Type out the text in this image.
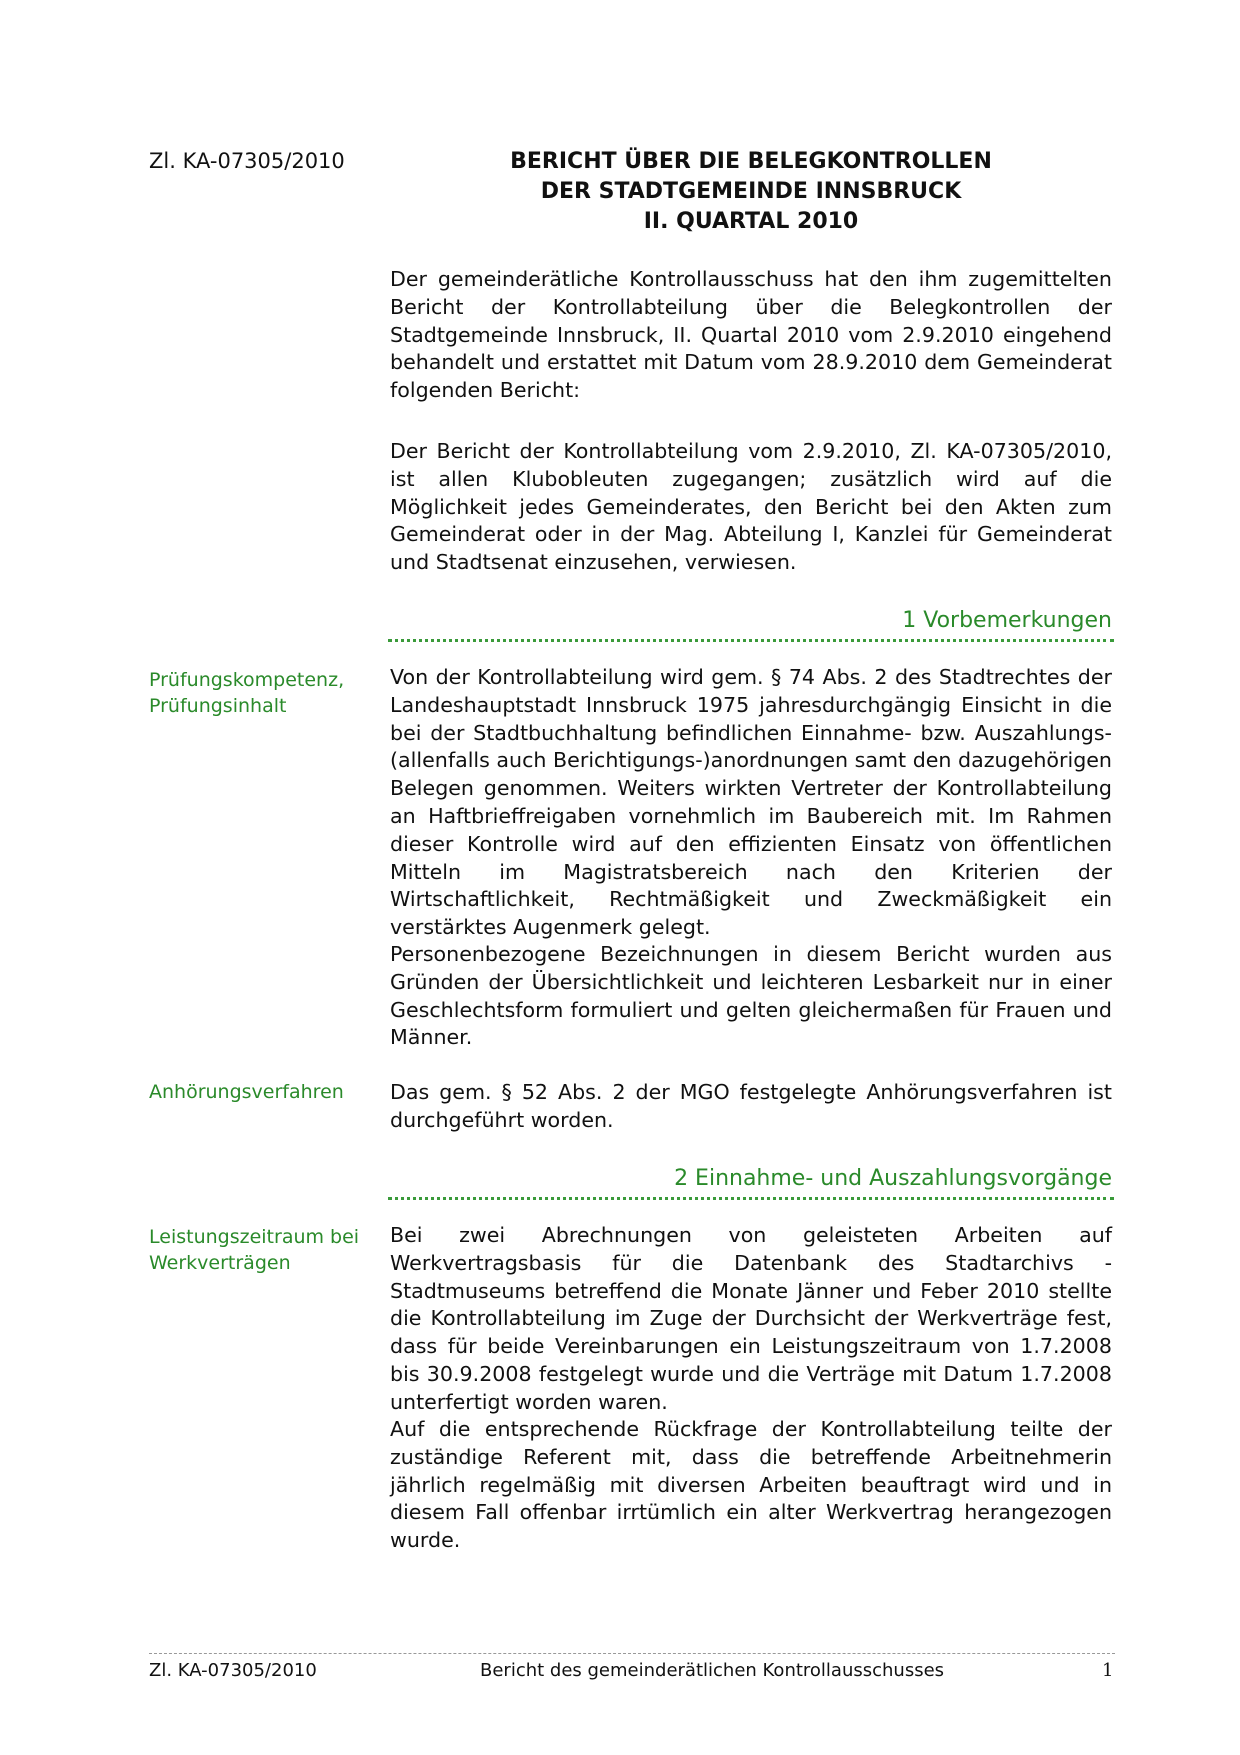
Zl. KA-07305/2010	BERICHT ÜBER DIE BELEGKONTROLLEN
DER STADTGEMEINDE INNSBRUCK
II. QUARTAL 2010

Der gemeinderätliche Kontrollausschuss hat den ihm zugemittelten Bericht der Kontrollabteilung über die Belegkontrollen der Stadtgemeinde Innsbruck, II. Quartal 2010 vom 2.9.2010 eingehend behandelt und erstattet mit Datum vom 28.9.2010 dem Gemeinderat folgenden Bericht:

Der Bericht der Kontrollabteilung vom 2.9.2010, Zl. KA-07305/2010, ist allen Klubobleuten zugegangen; zusätzlich wird auf die Möglichkeit jedes Gemeinderates, den Bericht bei den Akten zum Gemeinderat oder in der Mag. Abteilung I, Kanzlei für Gemeinderat und Stadtsenat einzusehen, verwiesen.

1 Vorbemerkungen
Prüfungskompetenz, Prüfungsinhalt

Von der Kontrollabteilung wird gem. § 74 Abs. 2 des Stadtrechtes der Landeshauptstadt Innsbruck 1975 jahresdurchgängig Einsicht in die bei der Stadtbuchhaltung befindlichen Einnahme- bzw. Auszahlungs- (allenfalls auch Berichtigungs-)anordnungen samt den dazugehörigen Belegen genommen. Weiters wirkten Vertreter der Kontrollabteilung an Haftbrieffreigaben vornehmlich im Baubereich mit. Im Rahmen dieser Kontrolle wird auf den effizienten Einsatz von öffentlichen Mitteln im Magistratsbereich nach den Kriterien der Wirtschaftlichkeit, Rechtmäßigkeit und Zweckmäßigkeit ein verstärktes Augenmerk gelegt.

Personenbezogene Bezeichnungen in diesem Bericht wurden aus Gründen der Übersichtlichkeit und leichteren Lesbarkeit nur in einer Geschlechtsform formuliert und gelten gleichermaßen für Frauen und Männer.

Anhörungsverfahren	Das gem. § 52 Abs. 2 der MGO festgelegte Anhörungsverfahren ist durchgeführt worden.

2 Einnahme- und Auszahlungsvorgänge
Leistungszeitraum bei Werkverträgen

Bei zwei Abrechnungen von geleisteten Arbeiten auf Werkvertragsbasis für die Datenbank des Stadtarchivs - Stadtmuseums betreffend die Monate Jänner und Feber 2010 stellte die Kontrollabteilung im Zuge der Durchsicht der Werkverträge fest, dass für beide Vereinbarungen ein Leistungszeitraum von 1.7.2008 bis 30.9.2008 festgelegt wurde und die Verträge mit Datum 1.7.2008 unterfertigt worden waren.

Auf die entsprechende Rückfrage der Kontrollabteilung teilte der zuständige Referent mit, dass die betreffende Arbeitnehmerin jährlich regelmäßig mit diversen Arbeiten beauftragt wird und in diesem Fall offenbar irrtümlich ein alter Werkvertrag herangezogen wurde.

Zl. KA-07305/2010	Bericht des gemeinderätlichen Kontrollausschusses	1
